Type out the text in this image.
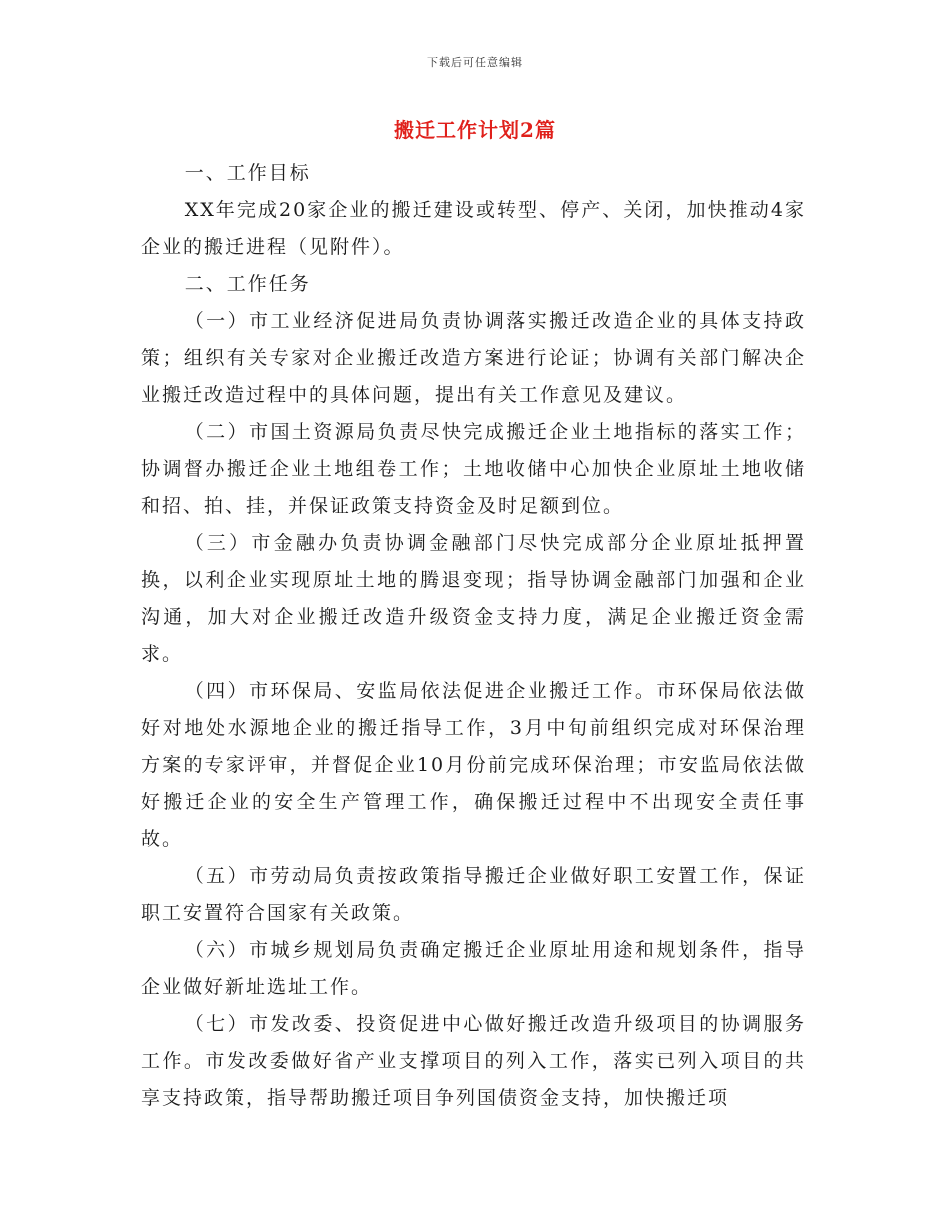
下载后可任意编辑
搬迁工作计划2篇

一、工作目标

XX年完成20家企业的搬迁建设或转型、停产、关闭，加快推动4家企业的搬迁进程（见附件）。

二、工作任务

（一）市工业经济促进局负责协调落实搬迁改造企业的具体支持政策；组织有关专家对企业搬迁改造方案进行论证；协调有关部门解决企业搬迁改造过程中的具体问题，提出有关工作意见及建议。

（二）市国土资源局负责尽快完成搬迁企业土地指标的落实工作；协调督办搬迁企业土地组卷工作；土地收储中心加快企业原址土地收储和招、拍、挂，并保证政策支持资金及时足额到位。

（三）市金融办负责协调金融部门尽快完成部分企业原址抵押置换，以利企业实现原址土地的腾退变现；指导协调金融部门加强和企业沟通，加大对企业搬迁改造升级资金支持力度，满足企业搬迁资金需求。

（四）市环保局、安监局依法促进企业搬迁工作。市环保局依法做好对地处水源地企业的搬迁指导工作，3月中旬前组织完成对环保治理方案的专家评审，并督促企业10月份前完成环保治理；市安监局依法做好搬迁企业的安全生产管理工作，确保搬迁过程中不出现安全责任事故。

（五）市劳动局负责按政策指导搬迁企业做好职工安置工作，保证职工安置符合国家有关政策。

（六）市城乡规划局负责确定搬迁企业原址用途和规划条件，指导企业做好新址选址工作。

（七）市发改委、投资促进中心做好搬迁改造升级项目的协调服务工作。市发改委做好省产业支撑项目的列入工作，落实已列入项目的共享支持政策，指导帮助搬迁项目争列国债资金支持，加快搬迁项
